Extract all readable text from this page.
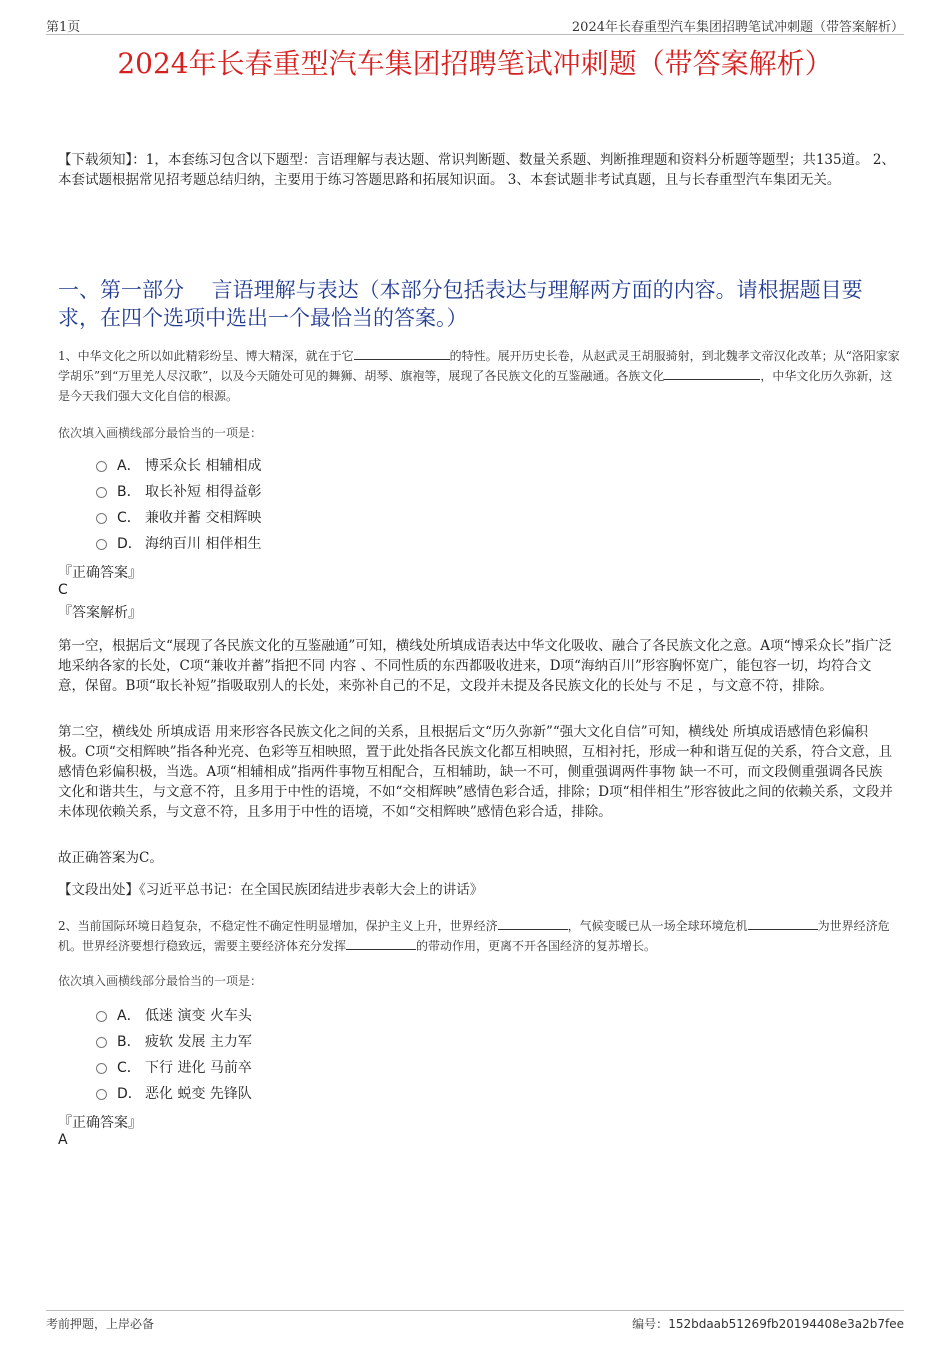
第1页	2024年长春重型汽车集团招聘笔试冲刺题（带答案解析）
2024年长春重型汽车集团招聘笔试冲刺题（带答案解析）
【下载须知】：1，本套练习包含以下题型：言语理解与表达题、常识判断题、数量关系题、判断推理题和资料分析题等题型；共135道。 2、本套试题根据常见招考题总结归纳，主要用于练习答题思路和拓展知识面。 3、本套试题非考试真题，且与长春重型汽车集团无关。
一、第一部分　 言语理解与表达（本部分包括表达与理解两方面的内容。请根据题目要求，在四个选项中选出一个最恰当的答案。）
1、中华文化之所以如此精彩纷呈、博大精深，就在于它	的特性。展开历史长卷，从赵武灵王胡服骑射，到北魏孝文帝汉化改革；从“洛阳家家学胡乐”到“万里羌人尽汉歌”，以及今天随处可见的舞狮、胡琴、旗袍等，展现了各民族文化的互鉴融通。各族文化	，中华文化历久弥新，这是今天我们强大文化自信的根源。
依次填入画横线部分最恰当的一项是：
A． 博采众长 相辅相成
B． 取长补短 相得益彰
C． 兼收并蓄 交相辉映
D． 海纳百川 相伴相生
『正确答案』
C
『答案解析』
第一空，根据后文“展现了各民族文化的互鉴融通”可知，横线处所填成语表达中华文化吸收、融合了各民族文化之意。A项“博采众长”指广泛地采纳各家的长处，C项“兼收并蓄”指把不同 内容 、不同性质的东西都吸收进来，D项“海纳百川”形容胸怀宽广，能包容一切，均符合文意，保留。B项“取长补短”指吸取别人的长处，来弥补自己的不足，文段并未提及各民族文化的长处与 不足 ，与文意不符，排除。
第二空，横线处 所填成语 用来形容各民族文化之间的关系，且根据后文“历久弥新”“强大文化自信”可知，横线处 所填成语感情色彩偏积极。C项“交相辉映”指各种光亮、色彩等互相映照，置于此处指各民族文化都互相映照，互相衬托，形成一种和谐互促的关系，符合文意，且感情色彩偏积极，当选。A项“相辅相成”指两件事物互相配合，互相辅助，缺一不可，侧重强调两件事物 缺一不可，而文段侧重强调各民族文化和谐共生，与文意不符，且多用于中性的语境，不如“交相辉映”感情色彩合适，排除；D项“相伴相生”形容彼此之间的依赖关系，文段并未体现依赖关系，与文意不符，且多用于中性的语境，不如“交相辉映”感情色彩合适，排除。
故正确答案为C。
【文段出处】《习近平总书记：在全国民族团结进步表彰大会上的讲话》
2、当前国际环境日趋复杂，不稳定性不确定性明显增加，保护主义上升，世界经济	，气候变暖已从一场全球环境危机	为世界经济危机。世界经济要想行稳致远，需要主要经济体充分发挥	的带动作用，更离不开各国经济的复苏增长。
依次填入画横线部分最恰当的一项是：
A． 低迷 演变 火车头
B． 疲软 发展 主力军
C． 下行 进化 马前卒
D． 恶化 蜕变 先锋队
『正确答案』
A
考前押题，上岸必备	编号：152bdaab51269fb20194408e3a2b7fee
